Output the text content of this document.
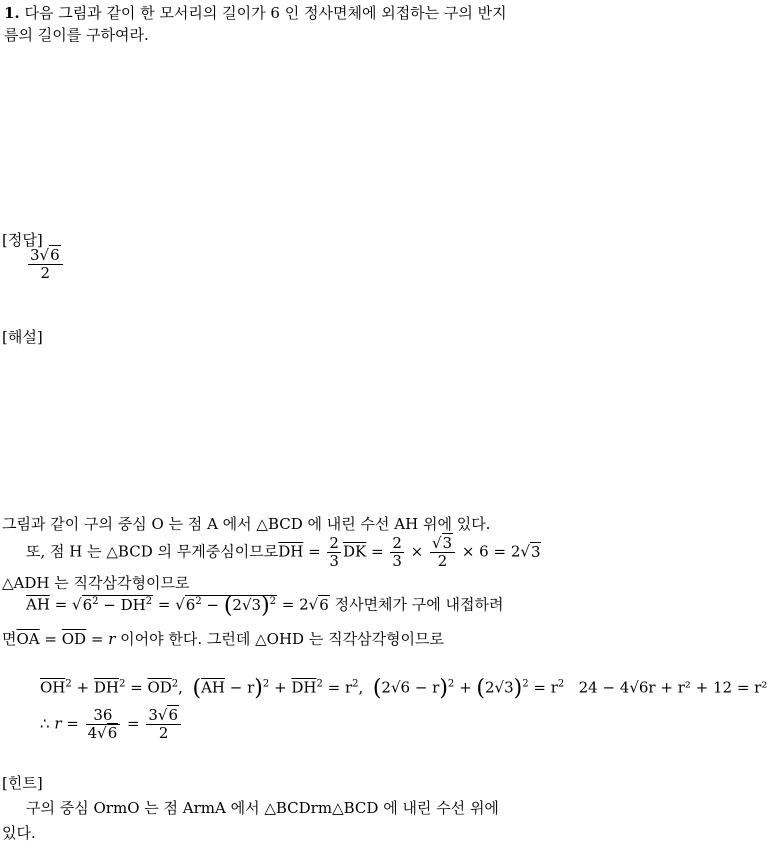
1. 다음 그림과 같이 한 모서리의 길이가 6 인 정사면체에 외접하는 구의 반지
름의 길이를 구하여라.
[정답]
$\frac{3√6}{2}$
[해설]
그림과 같이 구의 중심 O 는 점 A 에서 △BCD 에 내린 수선 AH 위에 있다.
또, 점 H 는 △BCD 의 무게중심이므로$\overline{DH} = \frac{2}{3} \overline{DK} = \frac{2}{3} \times \frac{√3}{2} \times 6 = 2√3$
△ADH 는 직각삼각형이므로
$\overline{AH} = √6^2 - \overline{DH}^2 = √6^2 - (2√3)^2 = 2√6$ 정사면체가 구에 내접하려
면$\overline{OA} = \overline{OD} = r$ 이어야 한다. 그런데 △OHD 는 직각삼각형이므로
$\overline{OH}^2 + \overline{DH}^2 = \overline{OD}^2$,  $(\overline{AH} - r)^2 + \overline{DH}^2 = r^2$,  $(2√6 - r)^2 + (2√3)^2 = r^2$ 24 − 4√6r + r² + 12 = r²
∴ $r = \frac{36}{4√6} = \frac{3√6}{2}$
[힌트]
구의 중심 OrmO 는 점 ArmA 에서 △BCDrm△BCD 에 내린 수선 위에
있다.
